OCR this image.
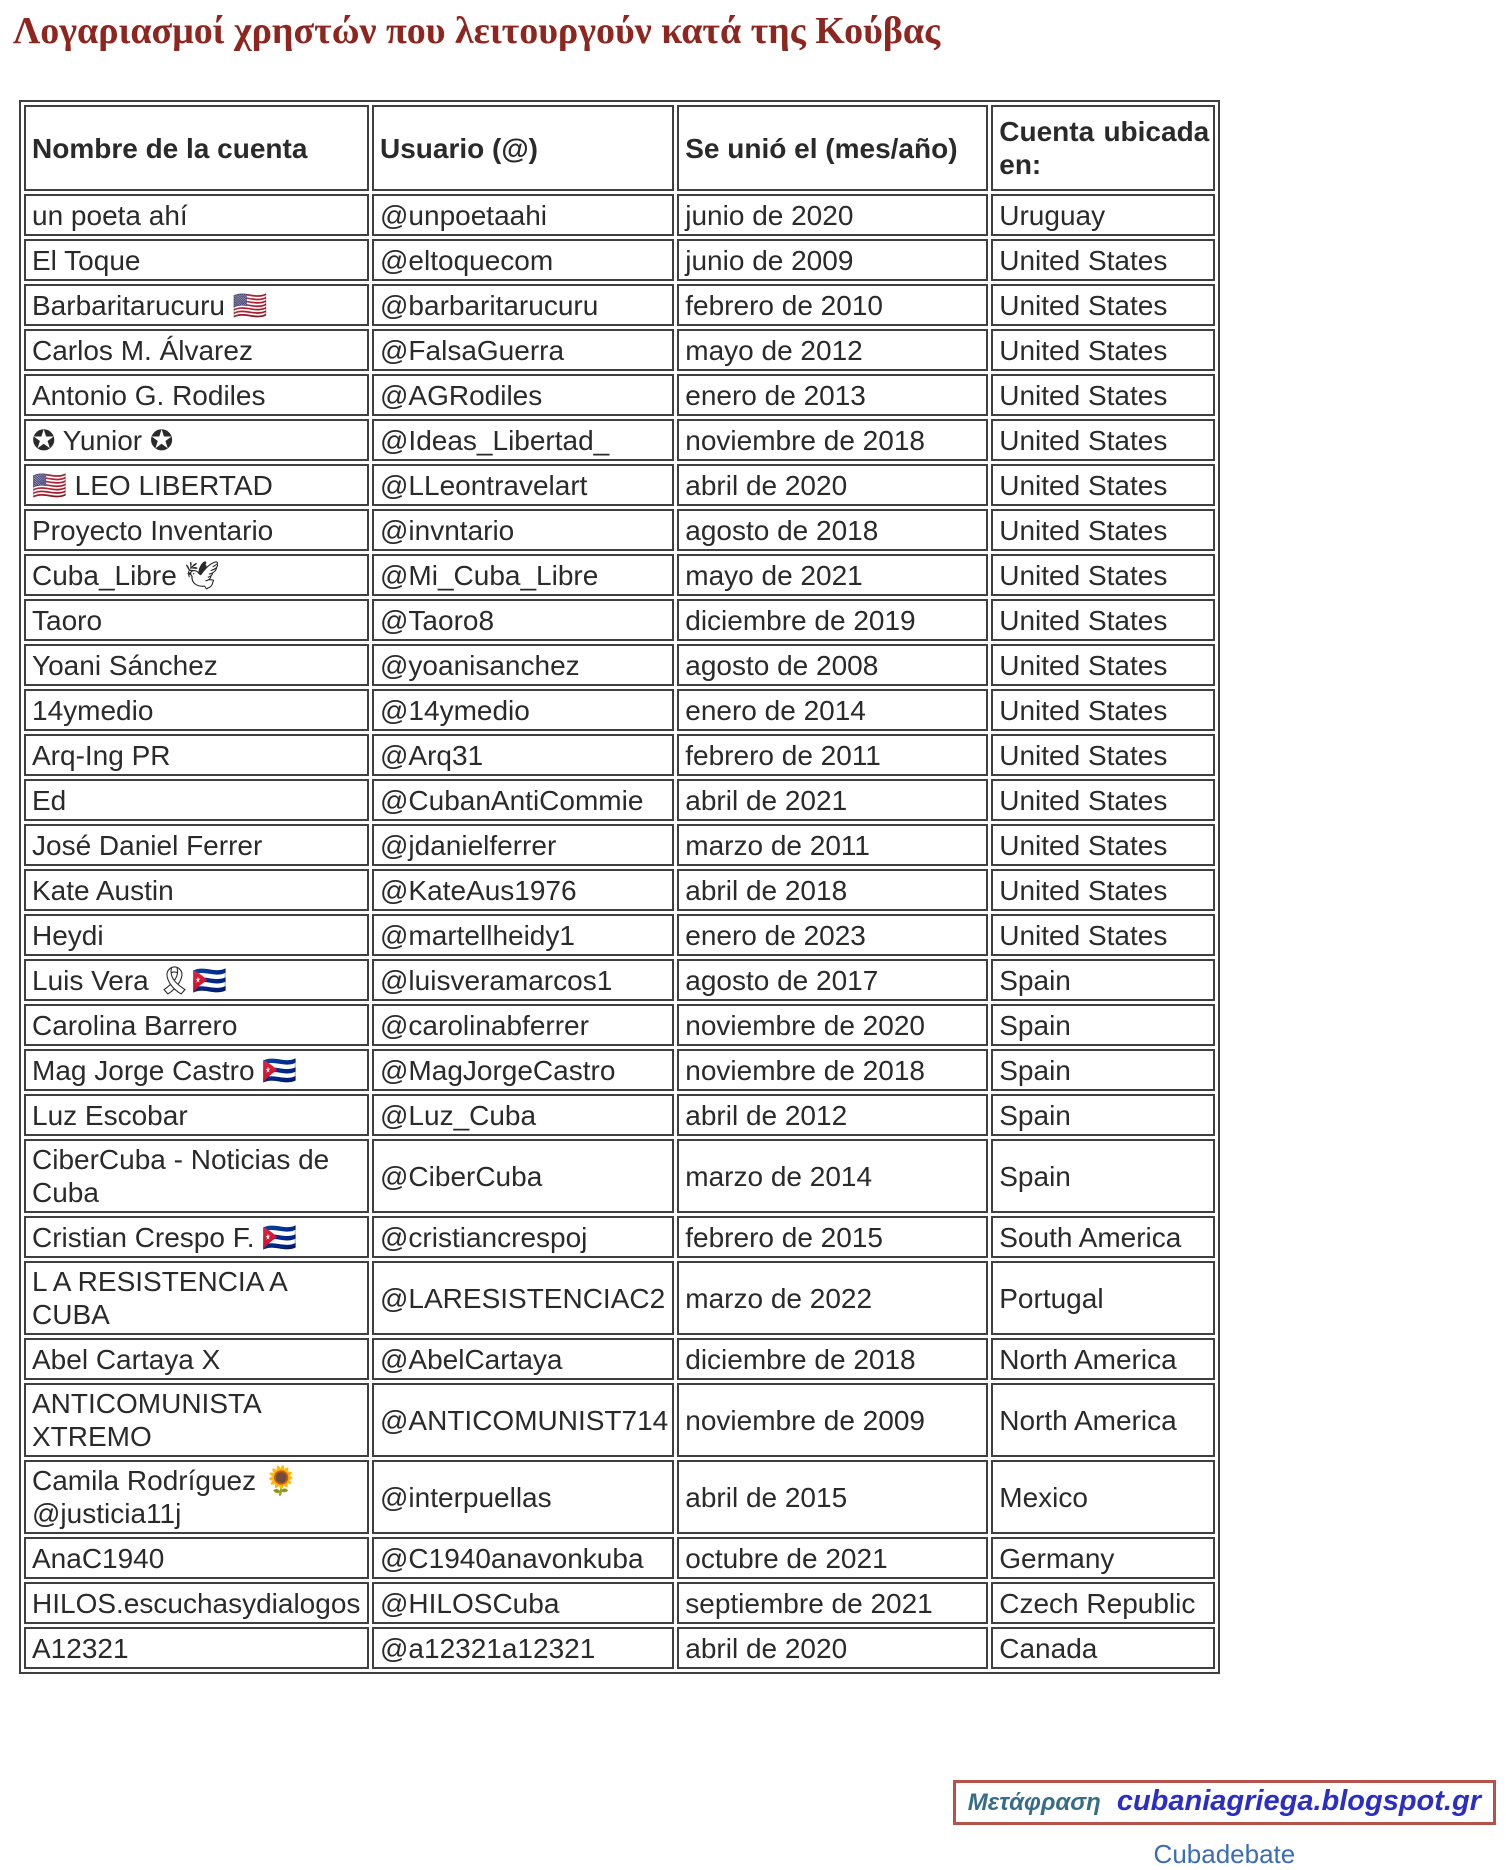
Λογαριασμοί χρηστών που λειτουργούν κατά της Κούβας
Nombre de la cuenta	Usuario (@)	Se unió el (mes/año)	Cuenta ubicada en:
un poeta ahí	@unpoetaahi	junio de 2020	Uruguay
El Toque	@eltoquecom	junio de 2009	United States
Barbaritarucuru 🇺🇸	@barbaritarucuru	febrero de 2010	United States
Carlos M. Álvarez	@FalsaGuerra	mayo de 2012	United States
Antonio G. Rodiles	@AGRodiles	enero de 2013	United States
✪ Yunior ✪	@Ideas_Libertad_	noviembre de 2018	United States
🇺🇸 LEO LIBERTAD	@LLeontravelart	abril de 2020	United States
Proyecto Inventario	@invntario	agosto de 2018	United States
Cuba_Libre 🕊	@Mi_Cuba_Libre	mayo de 2021	United States
Taoro	@Taoro8	diciembre de 2019	United States
Yoani Sánchez	@yoanisanchez	agosto de 2008	United States
14ymedio	@14ymedio	enero de 2014	United States
Arq-Ing PR	@Arq31	febrero de 2011	United States
Ed	@CubanAntiCommie	abril de 2021	United States
José Daniel Ferrer	@jdanielferrer	marzo de 2011	United States
Kate Austin	@KateAus1976	abril de 2018	United States
Heydi	@martellheidy1	enero de 2023	United States
Luis Vera 🎗🇨🇺	@luisveramarcos1	agosto de 2017	Spain
Carolina Barrero	@carolinabferrer	noviembre de 2020	Spain
Mag Jorge Castro 🇨🇺	@MagJorgeCastro	noviembre de 2018	Spain
Luz Escobar	@Luz_Cuba	abril de 2012	Spain
CiberCuba - Noticias de Cuba	@CiberCuba	marzo de 2014	Spain
Cristian Crespo F. 🇨🇺	@cristiancrespoj	febrero de 2015	South America
L A RESISTENCIA A CUBA	@LARESISTENCIAC2	marzo de 2022	Portugal
Abel Cartaya X	@AbelCartaya	diciembre de 2018	North America
ANTICOMUNISTA XTREMO	@ANTICOMUNIST714	noviembre de 2009	North America
Camila Rodríguez 🌻 @justicia11j	@interpuellas	abril de 2015	Mexico
AnaC1940	@C1940anavonkuba	octubre de 2021	Germany
HILOS.escuchasydialogos	@HILOSCuba	septiembre de 2021	Czech Republic
A12321	@a12321a12321	abril de 2020	Canada
Μετάφραση cubaniagriega.blogspot.gr
Cubadebate
